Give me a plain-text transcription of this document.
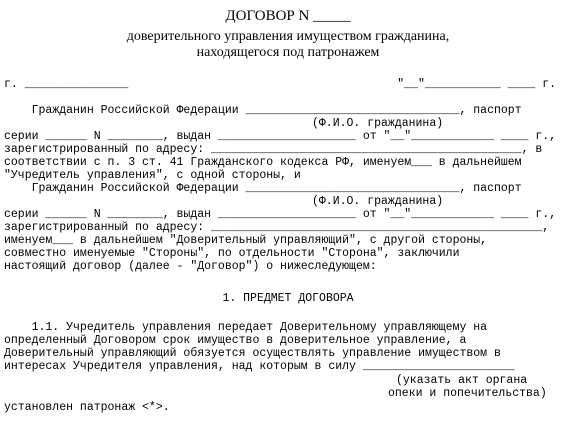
ДОГОВОР N _____
доверительного управления имуществом гражданина,
находящегося под патронажем
г. _______________	"__"___________ ____ г.
Гражданин Российской Федерации _______________________________, паспорт
(Ф.И.О. гражданина)
серии ______ N ________, выдан ____________________ от "__"____________ ____ г.,
зарегистрированный по адресу: _____________________________________________, в
соответствии с п. 3 ст. 41 Гражданского кодекса РФ, именуем___ в дальнейшем
"Учредитель управления", с одной стороны, и
Гражданин Российской Федерации _______________________________, паспорт
(Ф.И.О. гражданина)
серии ______ N ________, выдан ____________________ от "__"____________ ____ г.,
зарегистрированный по адресу: ________________________________________________,
именуем___ в дальнейшем "Доверительный управляющий", с другой стороны,
совместно именуемые "Стороны", по отдельности "Сторона", заключили
настоящий договор (далее - "Договор") о нижеследующем:
1. ПРЕДМЕТ ДОГОВОРА
1.1. Учредитель управления передает Доверительному управляющему на
определенный Договором срок имущество в доверительное управление, а
Доверительный управляющий обязуется осуществлять управление имуществом в
интересах Учредителя управления, над которым в силу ______________________
(указать акт органа
опеки и попечительства)
установлен патронаж <*>.
